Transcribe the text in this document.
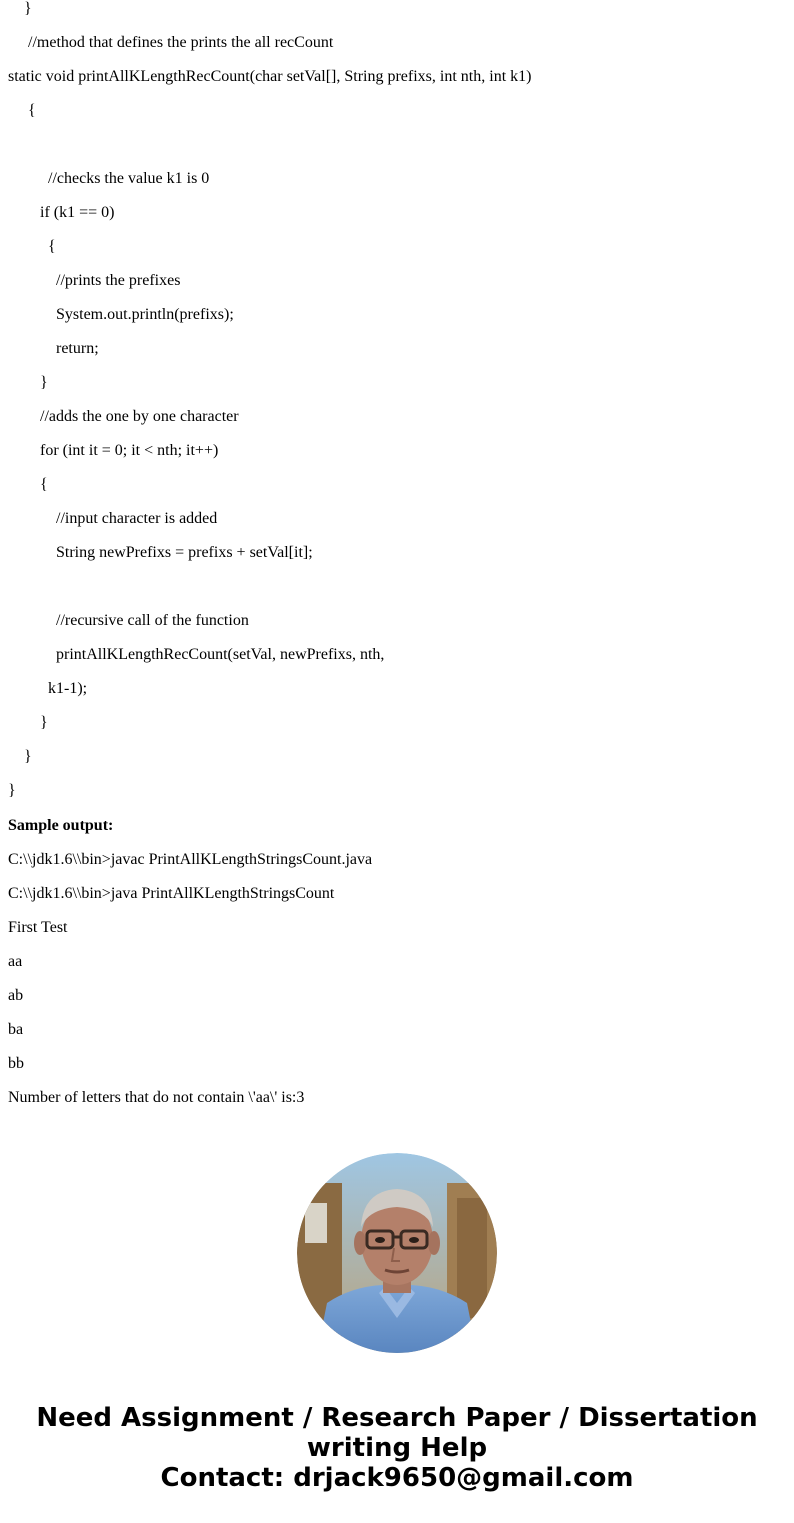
}
//method that defines the prints the all recCount
static void printAllKLengthRecCount(char setVal[], String prefixs, int nth, int k1)
{
//checks the value k1 is 0
if (k1 == 0)
{
//prints the prefixes
System.out.println(prefixs);
return;
}
//adds the one by one character
for (int it = 0; it < nth; it++)
{
//input character is added
String newPrefixs = prefixs + setVal[it];
//recursive call of the function
printAllKLengthRecCount(setVal, newPrefixs, nth,
k1-1);
}
}
}
Sample output:
C:\\jdk1.6\\bin>javac PrintAllKLengthStringsCount.java
C:\\jdk1.6\\bin>java PrintAllKLengthStringsCount
First Test
aa
ab
ba
bb
Number of letters that do not contain \'aa\' is:3
Need Assignment / Research Paper / Dissertation
writing Help
Contact: drjack9650@gmail.com
